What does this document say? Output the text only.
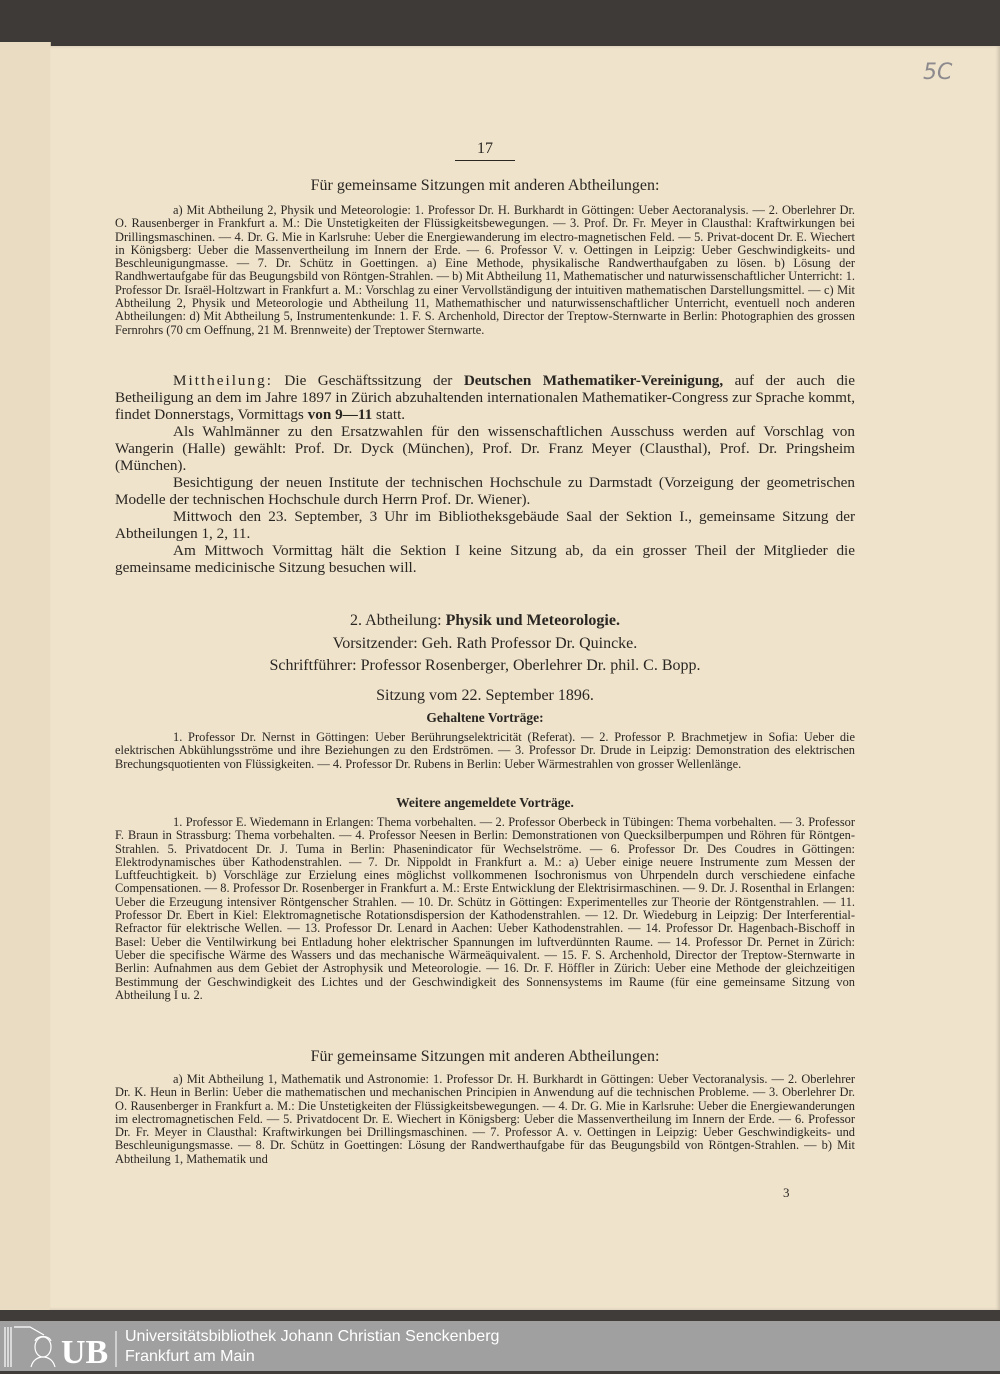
5C
17
Für gemeinsame Sitzungen mit anderen Abtheilungen:
a) Mit Abtheilung 2, Physik und Meteorologie: 1. Professor Dr. H. Burkhardt in Göttingen: Ueber Aectoranalysis. — 2. Oberlehrer Dr. O. Rausenberger in Frankfurt a. M.: Die Unstetigkeiten der Flüssigkeitsbewegungen. — 3. Prof. Dr. Fr. Meyer in Clausthal: Kraftwirkungen bei Drillingsmaschinen. — 4. Dr. G. Mie in Karlsruhe: Ueber die Energiewanderung im electro-magnetischen Feld. — 5. Privat-docent Dr. E. Wiechert in Königsberg: Ueber die Massenvertheilung im Innern der Erde. — 6. Professor V. v. Oettingen in Leipzig: Ueber Geschwindigkeits- und Beschleunigungmasse. — 7. Dr. Schütz in Goettingen. a) Eine Methode, physikalische Randwerthaufgaben zu lösen. b) Lösung der Randhwertaufgabe für das Beugungsbild von Röntgen-Strahlen. — b) Mit Abtheilung 11, Mathematischer und naturwissenschaftlicher Unterricht: 1. Professor Dr. Israël-Holtzwart in Frankfurt a. M.: Vorschlag zu einer Vervollständigung der intuitiven mathematischen Darstellungsmittel. — c) Mit Abtheilung 2, Physik und Meteorologie und Abtheilung 11, Mathemathischer und naturwissenschaftlicher Unterricht, eventuell noch anderen Abtheilungen: d) Mit Abtheilung 5, Instrumentenkunde: 1. F. S. Archenhold, Director der Treptow-Sternwarte in Berlin: Photographien des grossen Fernrohrs (70 cm Oeffnung, 21 M. Brennweite) der Treptower Sternwarte.

Mittheilung: Die Geschäftssitzung der Deutschen Mathematiker-Vereinigung, auf der auch die Betheiligung an dem im Jahre 1897 in Zürich abzuhaltenden internationalen Mathematiker-Congress zur Sprache kommt, findet Donnerstags, Vormittags von 9—11 statt.

Als Wahlmänner zu den Ersatzwahlen für den wissenschaftlichen Ausschuss werden auf Vorschlag von Wangerin (Halle) gewählt: Prof. Dr. Dyck (München), Prof. Dr. Franz Meyer (Clausthal), Prof. Dr. Pringsheim (München).

Besichtigung der neuen Institute der technischen Hochschule zu Darmstadt (Vorzeigung der geometrischen Modelle der technischen Hochschule durch Herrn Prof. Dr. Wiener).

Mittwoch den 23. September, 3 Uhr im Bibliotheksgebäude Saal der Sektion I., gemeinsame Sitzung der Abtheilungen 1, 2, 11.

Am Mittwoch Vormittag hält die Sektion I keine Sitzung ab, da ein grosser Theil der Mitglieder die gemeinsame medicinische Sitzung besuchen will.

2. Abtheilung: Physik und Meteorologie.
Vorsitzender: Geh. Rath Professor Dr. Quincke.
Schriftführer: Professor Rosenberger, Oberlehrer Dr. phil. C. Bopp.
Sitzung vom 22. September 1896.
Gehaltene Vorträge:
1. Professor Dr. Nernst in Göttingen: Ueber Berührungselektricität (Referat). — 2. Professor P. Brachmetjew in Sofia: Ueber die elektrischen Abkühlungsströme und ihre Beziehungen zu den Erdströmen. — 3. Professor Dr. Drude in Leipzig: Demonstration des elektrischen Brechungsquotienten von Flüssigkeiten. — 4. Professor Dr. Rubens in Berlin: Ueber Wärmestrahlen von grosser Wellenlänge.
Weitere angemeldete Vorträge.
1. Professor E. Wiedemann in Erlangen: Thema vorbehalten. — 2. Professor Oberbeck in Tübingen: Thema vorbehalten. — 3. Professor F. Braun in Strassburg: Thema vorbehalten. — 4. Professor Neesen in Berlin: Demonstrationen von Quecksilberpumpen und Röhren für Röntgen-Strahlen. 5. Privatdocent Dr. J. Tuma in Berlin: Phasenindicator für Wechselströme. — 6. Professor Dr. Des Coudres in Göttingen: Elektrodynamisches über Kathodenstrahlen. — 7. Dr. Nippoldt in Frankfurt a. M.: a) Ueber einige neuere Instrumente zum Messen der Luftfeuchtigkeit. b) Vorschläge zur Erzielung eines möglichst vollkommenen Isochronismus von Uhrpendeln durch verschiedene einfache Compensationen. — 8. Professor Dr. Rosenberger in Frankfurt a. M.: Erste Entwicklung der Elektrisirmaschinen. — 9. Dr. J. Rosenthal in Erlangen: Ueber die Erzeugung intensiver Röntgenscher Strahlen. — 10. Dr. Schütz in Göttingen: Experimentelles zur Theorie der Röntgenstrahlen. — 11. Professor Dr. Ebert in Kiel: Elektromagnetische Rotationsdispersion der Kathodenstrahlen. — 12. Dr. Wiedeburg in Leipzig: Der Interferential-Refractor für elektrische Wellen. — 13. Professor Dr. Lenard in Aachen: Ueber Kathodenstrahlen. — 14. Professor Dr. Hagenbach-Bischoff in Basel: Ueber die Ventilwirkung bei Entladung hoher elektrischer Spannungen im luftverdünnten Raume. — 14. Professor Dr. Pernet in Zürich: Ueber die specifische Wärme des Wassers und das mechanische Wärmeäquivalent. — 15. F. S. Archenhold, Director der Treptow-Sternwarte in Berlin: Aufnahmen aus dem Gebiet der Astrophysik und Meteorologie. — 16. Dr. F. Höffler in Zürich: Ueber eine Methode der gleichzeitigen Bestimmung der Geschwindigkeit des Lichtes und der Geschwindigkeit des Sonnensystems im Raume (für eine gemeinsame Sitzung von Abtheilung I u. 2.
Für gemeinsame Sitzungen mit anderen Abtheilungen:
a) Mit Abtheilung 1, Mathematik und Astronomie: 1. Professor Dr. H. Burkhardt in Göttingen: Ueber Vectoranalysis. — 2. Oberlehrer Dr. K. Heun in Berlin: Ueber die mathematischen und mechanischen Principien in Anwendung auf die technischen Probleme. — 3. Oberlehrer Dr. O. Rausenberger in Frankfurt a. M.: Die Unstetigkeiten der Flüssigkeitsbewegungen. — 4. Dr. G. Mie in Karlsruhe: Ueber die Energiewanderungen im electromagnetischen Feld. — 5. Privatdocent Dr. E. Wiechert in Königsberg: Ueber die Massenvertheilung im Innern der Erde. — 6. Professor Dr. Fr. Meyer in Clausthal: Kraftwirkungen bei Drillingsmaschinen. — 7. Professor A. v. Oettingen in Leipzig: Ueber Geschwindigkeits- und Beschleunigungsmasse. — 8. Dr. Schütz in Goettingen: Lösung der Randwerthaufgabe für das Beugungsbild von Röntgen-Strahlen. — b) Mit Abtheilung 1, Mathematik und
3
UB Universitätsbibliothek Johann Christian Senckenberg
Frankfurt am Main
